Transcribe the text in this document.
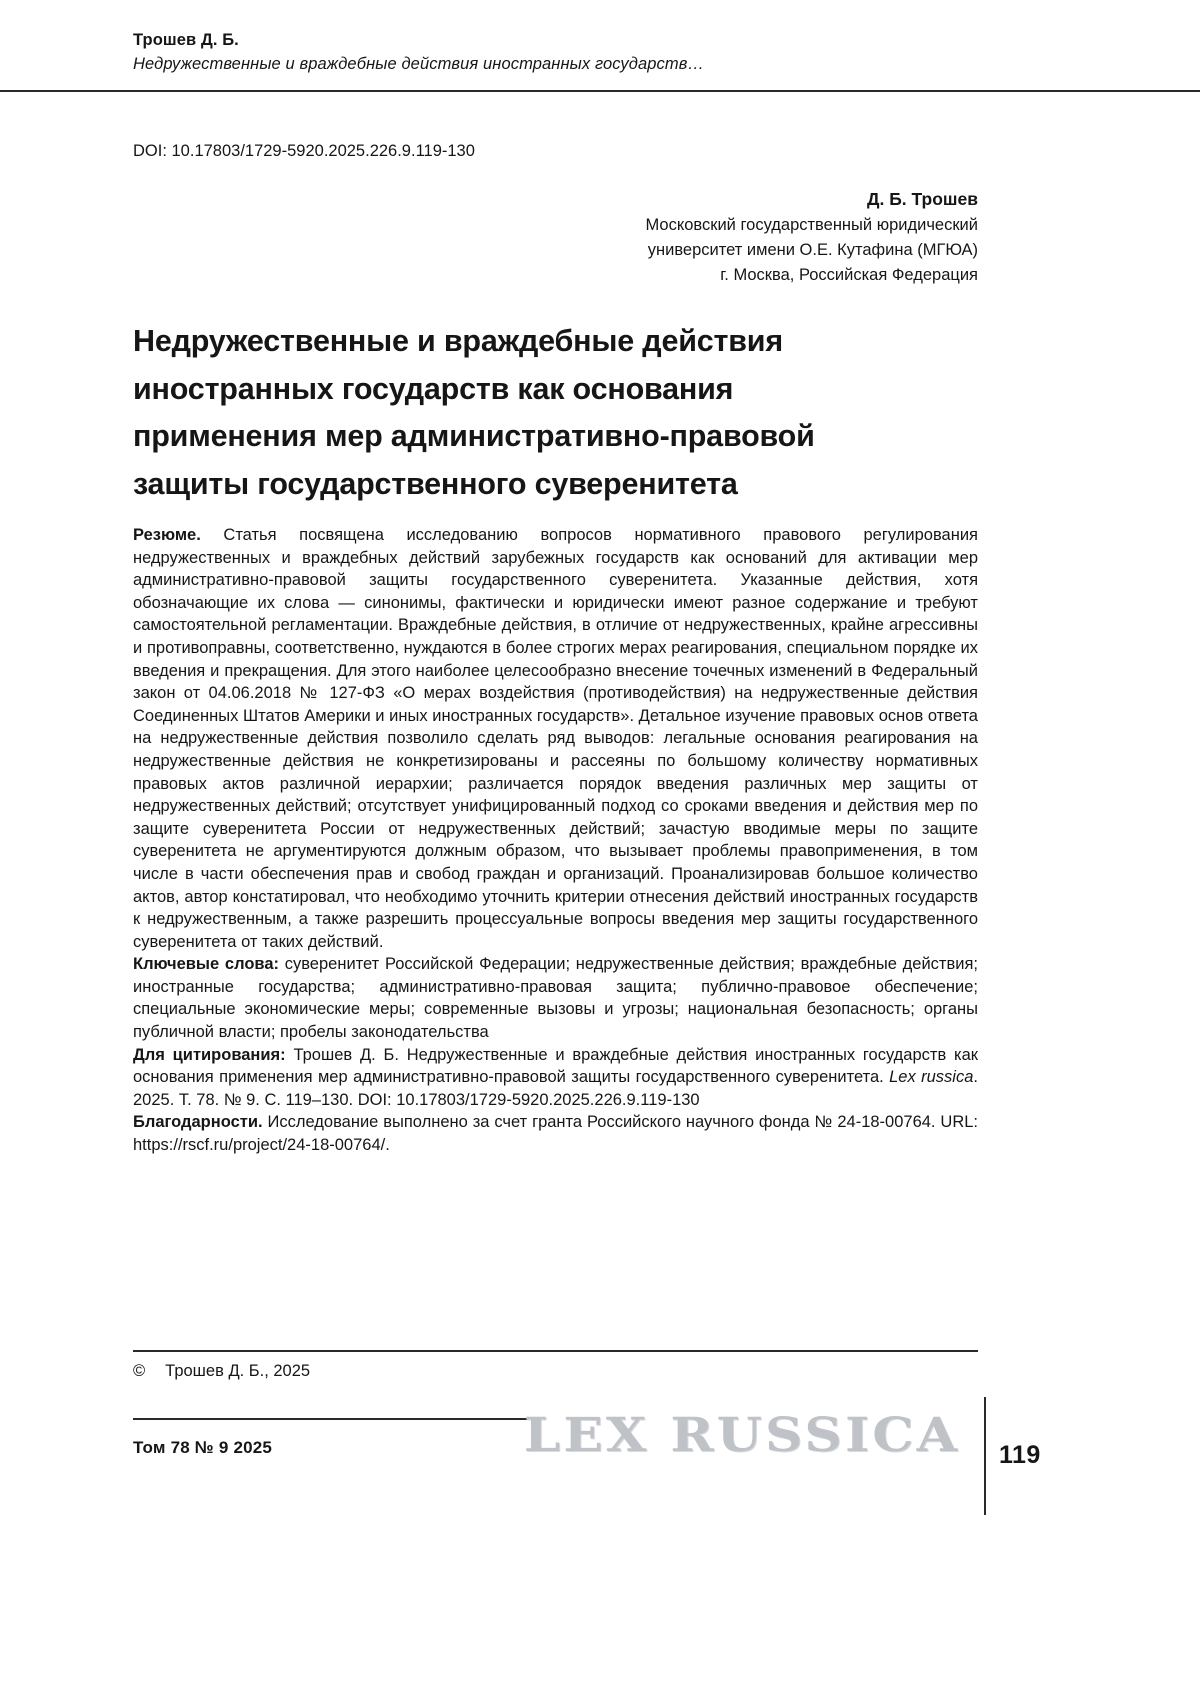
Трошев Д. Б.
Недружественные и враждебные действия иностранных государств…
DOI: 10.17803/1729-5920.2025.226.9.119-130
Д. Б. Трошев
Московский государственный юридический
университет имени О.Е. Кутафина (МГЮА)
г. Москва, Российская Федерация
Недружественные и враждебные действия
иностранных государств как основания
применения мер административно-правовой
защиты государственного суверенитета

Резюме. Статья посвящена исследованию вопросов нормативного правового регулирования недружественных и враждебных действий зарубежных государств как оснований для активации мер административно-правовой защиты государственного суверенитета. Указанные действия, хотя обозначающие их слова — синонимы, фактически и юридически имеют разное содержание и требуют самостоятельной регламентации. Враждебные действия, в отличие от недружественных, крайне агрессивны и противоправны, соответственно, нуждаются в более строгих мерах реагирования, специальном порядке их введения и прекращения. Для этого наиболее целесообразно внесение точечных изменений в Федеральный закон от 04.06.2018 № 127-ФЗ «О мерах воздействия (противодействия) на недружественные действия Соединенных Штатов Америки и иных иностранных государств». Детальное изучение правовых основ ответа на недружественные действия позволило сделать ряд выводов: легальные основания реагирования на недружественные действия не конкретизированы и рассеяны по большому количеству нормативных правовых актов различной иерархии; различается порядок введения различных мер защиты от недружественных действий; отсутствует унифицированный подход со сроками введения и действия мер по защите суверенитета России от недружественных действий; зачастую вводимые меры по защите суверенитета не аргументируются должным образом, что вызывает проблемы правоприменения, в том числе в части обеспечения прав и свобод граждан и организаций. Проанализировав большое количество актов, автор констатировал, что необходимо уточнить критерии отнесения действий иностранных государств к недружественным, а также разрешить процессуальные вопросы введения мер защиты государственного суверенитета от таких действий.

Ключевые слова: суверенитет Российской Федерации; недружественные действия; враждебные действия; иностранные государства; административно-правовая защита; публично-правовое обеспечение; специальные экономические меры; современные вызовы и угрозы; национальная безопасность; органы публичной власти; пробелы законодательства

Для цитирования: Трошев Д. Б. Недружественные и враждебные действия иностранных государств как основания применения мер административно-правовой защиты государственного суверенитета. Lex russica. 2025. Т. 78. № 9. С. 119–130. DOI: 10.17803/1729-5920.2025.226.9.119-130

Благодарности. Исследование выполнено за счет гранта Российского научного фонда № 24-18-00764. URL: https://rscf.ru/project/24-18-00764/.

© Трошев Д. Б., 2025
Том 78 № 9 2025	LEX RUSSICA 119
